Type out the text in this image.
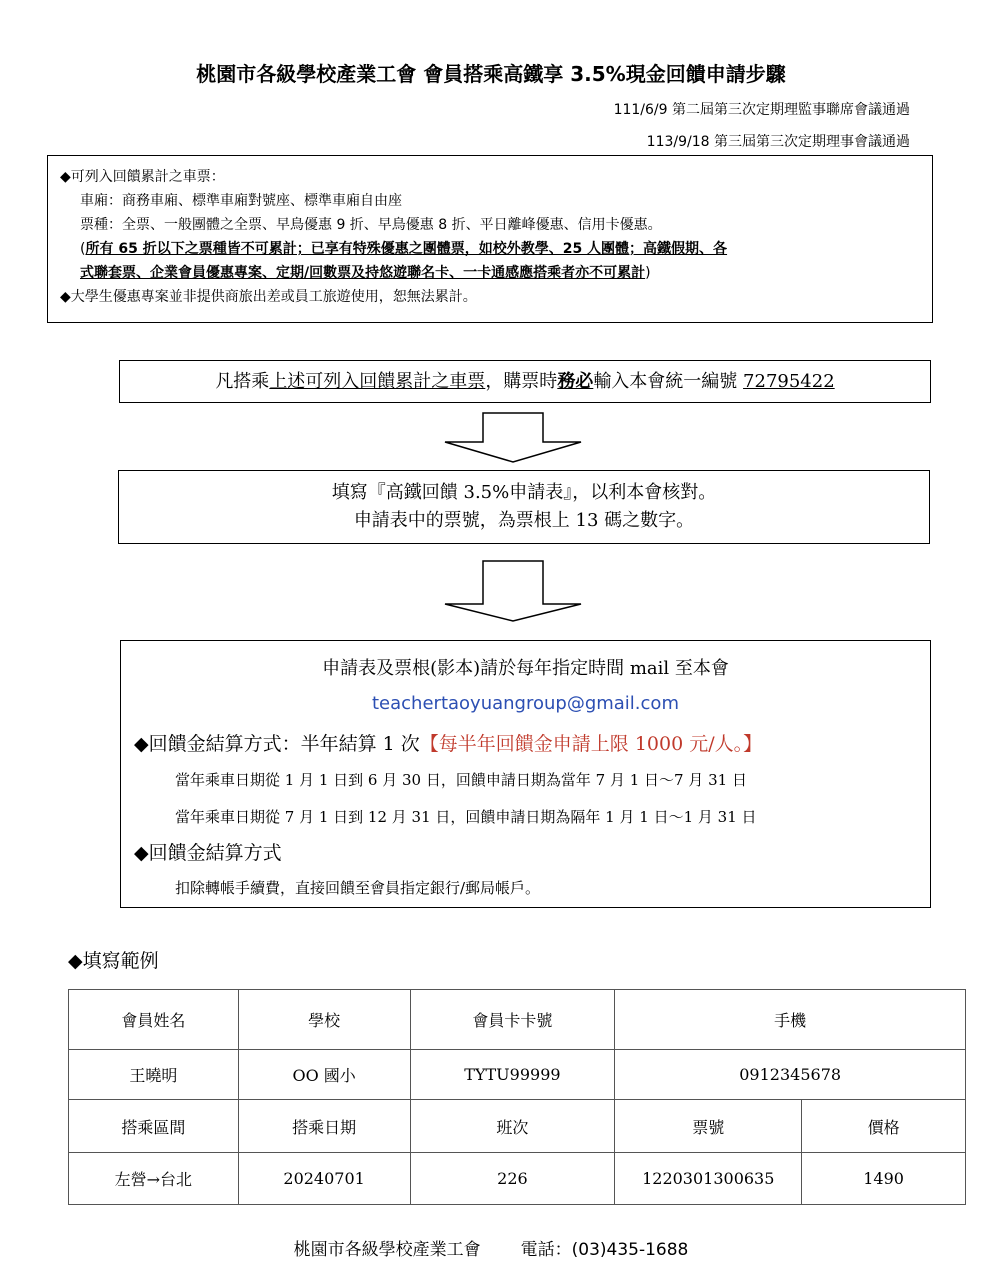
桃園市各級學校產業工會 會員搭乘高鐵享 3.5%現金回饋申請步驟
111/6/9 第二屆第三次定期理監事聯席會議通過
113/9/18 第三屆第三次定期理事會議通過
◆可列入回饋累計之車票：
車廂：商務車廂、標準車廂對號座、標準車廂自由座
票種：全票、一般團體之全票、早鳥優惠 9 折、早鳥優惠 8 折、平日離峰優惠、信用卡優惠。
(所有 65 折以下之票種皆不可累計；已享有特殊優惠之團體票，如校外教學、25 人團體；高鐵假期、各
式聯套票、企業會員優惠專案、定期/回數票及持悠遊聯名卡、一卡通感應搭乘者亦不可累計)
◆大學生優惠專案並非提供商旅出差或員工旅遊使用，恕無法累計。
凡搭乘上述可列入回饋累計之車票，購票時務必輸入本會統一編號 72795422
填寫『高鐵回饋 3.5%申請表』，以利本會核對。
申請表中的票號，為票根上 13 碼之數字。
申請表及票根(影本)請於每年指定時間 mail 至本會
teachertaoyuangroup@gmail.com
◆回饋金結算方式：半年結算 1 次【每半年回饋金申請上限 1000 元/人。】
當年乘車日期從 1 月 1 日到 6 月 30 日，回饋申請日期為當年 7 月 1 日～7 月 31 日
當年乘車日期從 7 月 1 日到 12 月 31 日，回饋申請日期為隔年 1 月 1 日～1 月 31 日
◆回饋金結算方式
扣除轉帳手續費，直接回饋至會員指定銀行/郵局帳戶。
◆填寫範例
會員姓名	學校	會員卡卡號	手機	
王曉明	OO 國小	TYTU99999	0912345678	
搭乘區間	搭乘日期	班次	票號	價格
左營→台北	20240701	226	1220301300635	1490
桃園市各級學校產業工會 電話：(03)435-1688
